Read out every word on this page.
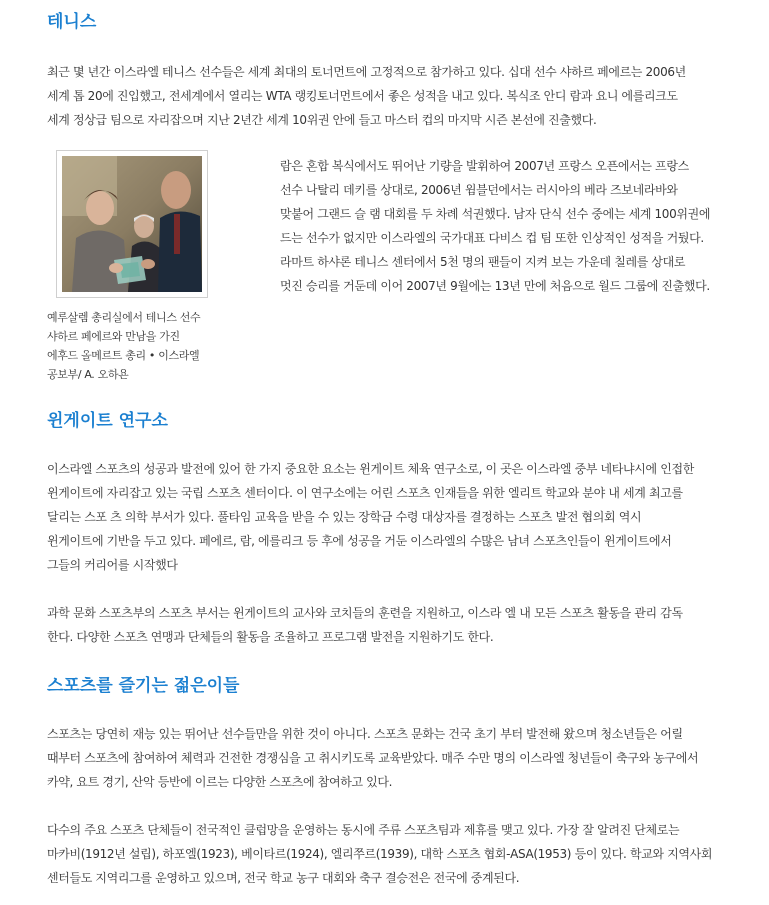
테니스

최근 몇 년간 이스라엘 테니스 선수들은 세계 최대의 토너먼트에 고정적으로 참가하고 있다. 십대 선수 샤하르 페에르는 2006년
세계 톱 20에 진입했고, 전세계에서 열리는 WTA 랭킹토너먼트에서 좋은 성적을 내고 있다. 복식조 안디 람과 요니 에를리크도
세계 정상급 팀으로 자리잡으며 지난 2년간 세계 10위권 안에 들고 마스터 컵의 마지막 시즌 본선에 진출했다.

예루살렘 총리실에서 테니스 선수
샤하르 페에르와 만남을 가진
에후드 올메르트 총리 • 이스라엘
공보부/ A. 오하욘

람은 혼합 복식에서도 뛰어난 기량을 발휘하여 2007년 프랑스 오픈에서는 프랑스
선수 나탈리 데키를 상대로, 2006년 윔블던에서는 러시아의 베라 즈보네라바와
맞붙어 그랜드 슬 램 대회를 두 차례 석권했다. 남자 단식 선수 중에는 세계 100위권에
드는 선수가 없지만 이스라엘의 국가대표 다비스 컵 팀 또한 인상적인 성적을 거뒀다.
라마트 하샤론 테니스 센터에서 5천 명의 팬들이 지켜 보는 가운데 칠레를 상대로
멋진 승리를 거둔데 이어 2007년 9월에는 13년 만에 처음으로 월드 그룹에 진출했다.

윈게이트 연구소

이스라엘 스포츠의 성공과 발전에 있어 한 가지 중요한 요소는 윈게이트 체육 연구소로, 이 곳은 이스라엘 중부 네타냐시에 인접한
윈게이트에 자리잡고 있는 국립 스포츠 센터이다. 이 연구소에는 어린 스포츠 인재들을 위한 엘리트 학교와 분야 내 세계 최고를
달리는 스포 츠 의학 부서가 있다. 풀타임 교육을 받을 수 있는 장학금 수령 대상자를 결정하는 스포츠 발전 협의회 역시
윈게이트에 기반을 두고 있다. 페에르, 람, 에를리크 등 후에 성공을 거둔 이스라엘의 수많은 남녀 스포츠인들이 윈게이트에서
그들의 커리어를 시작했다

과학 문화 스포츠부의 스포츠 부서는 윈게이트의 교사와 코치들의 훈련을 지원하고, 이스라 엘 내 모든 스포츠 활동을 관리 감독
한다. 다양한 스포츠 연맹과 단체들의 활동을 조율하고 프로그램 발전을 지원하기도 한다.

스포츠를 즐기는 젊은이들

스포츠는 당연히 재능 있는 뛰어난 선수들만을 위한 것이 아니다. 스포츠 문화는 건국 초기 부터 발전해 왔으며 청소년들은 어릴
때부터 스포츠에 참여하여 체력과 건전한 경쟁심을 고 취시키도록 교육받았다. 매주 수만 명의 이스라엘 청년들이 축구와 농구에서
카약, 요트 경기, 산악 등반에 이르는 다양한 스포츠에 참여하고 있다.

다수의 주요 스포츠 단체들이 전국적인 클럽망을 운영하는 동시에 주류 스포츠팀과 제휴를 맺고 있다. 가장 잘 알려진 단체로는
마카비(1912년 설립), 하포엘(1923), 베이타르(1924), 엘리쭈르(1939), 대학 스포츠 협회-ASA(1953) 등이 있다. 학교와 지역사회
센터들도 지역리그를 운영하고 있으며, 전국 학교 농구 대회와 축구 결승전은 전국에 중계된다.
